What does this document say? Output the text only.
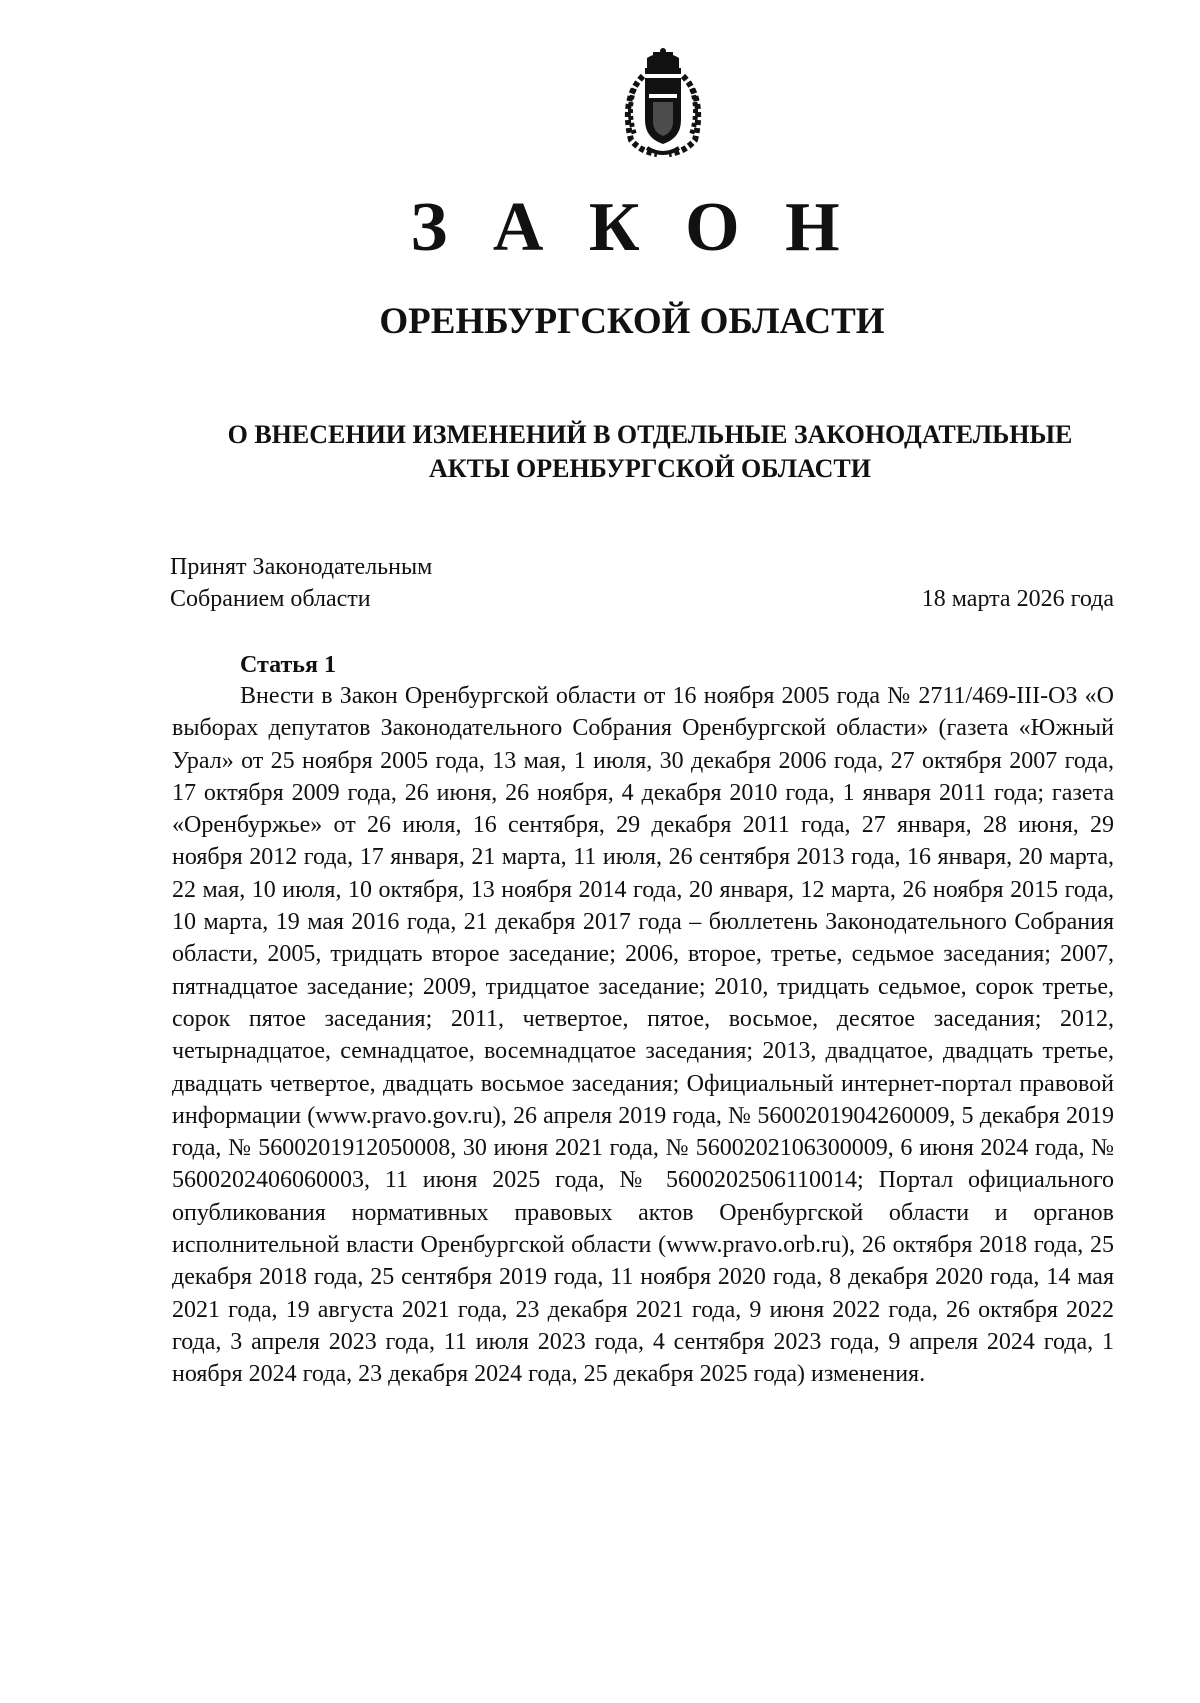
З А К О Н
ОРЕНБУРГСКОЙ ОБЛАСТИ
О ВНЕСЕНИИ ИЗМЕНЕНИЙ В ОТДЕЛЬНЫЕ ЗАКОНОДАТЕЛЬНЫЕ
АКТЫ ОРЕНБУРГСКОЙ ОБЛАСТИ
Принят Законодательным
Собранием области	18 марта 2026 года
Статья 1

Внести в Закон Оренбургской области от 16 ноября 2005 года № 2711/469-III-ОЗ «О выборах депутатов Законодательного Собрания Оренбургской области» (газета «Южный Урал» от 25 ноября 2005 года, 13 мая, 1 июля, 30 декабря 2006 года, 27 октября 2007 года, 17 октября 2009 года, 26 июня, 26 ноября, 4 декабря 2010 года, 1 января 2011 года; газета «Оренбуржье» от 26 июля, 16 сентября, 29 декабря 2011 года, 27 января, 28 июня, 29 ноября 2012 года, 17 января, 21 марта, 11 июля, 26 сентября 2013 года, 16 января, 20 марта, 22 мая, 10 июля, 10 октября, 13 ноября 2014 года, 20 января, 12 марта, 26 ноября 2015 года, 10 марта, 19 мая 2016 года, 21 декабря 2017 года – бюллетень Законодательного Собрания области, 2005, тридцать второе заседание; 2006, второе, третье, седьмое заседания; 2007, пятнадцатое заседание; 2009, тридцатое заседание; 2010, тридцать седьмое, сорок третье, сорок пятое заседания; 2011, четвертое, пятое, восьмое, десятое заседания; 2012, четырнадцатое, семнадцатое, восемнадцатое заседания; 2013, двадцатое, двадцать третье, двадцать четвертое, двадцать восьмое заседания; Официальный интернет-портал правовой информации (www.pravo.gov.ru), 26 апреля 2019 года, № 5600201904260009, 5 декабря 2019 года, № 5600201912050008, 30 июня 2021 года, № 5600202106300009, 6 июня 2024 года, № 5600202406060003, 11 июня 2025 года, № 5600202506110014; Портал официального опубликования нормативных правовых актов Оренбургской области и органов исполнительной власти Оренбургской области (www.pravo.orb.ru), 26 октября 2018 года, 25 декабря 2018 года, 25 сентября 2019 года, 11 ноября 2020 года, 8 декабря 2020 года, 14 мая 2021 года, 19 августа 2021 года, 23 декабря 2021 года, 9 июня 2022 года, 26 октября 2022 года, 3 апреля 2023 года, 11 июля 2023 года, 4 сентября 2023 года, 9 апреля 2024 года, 1 ноября 2024 года, 23 декабря 2024 года, 25 декабря 2025 года) изменения.
